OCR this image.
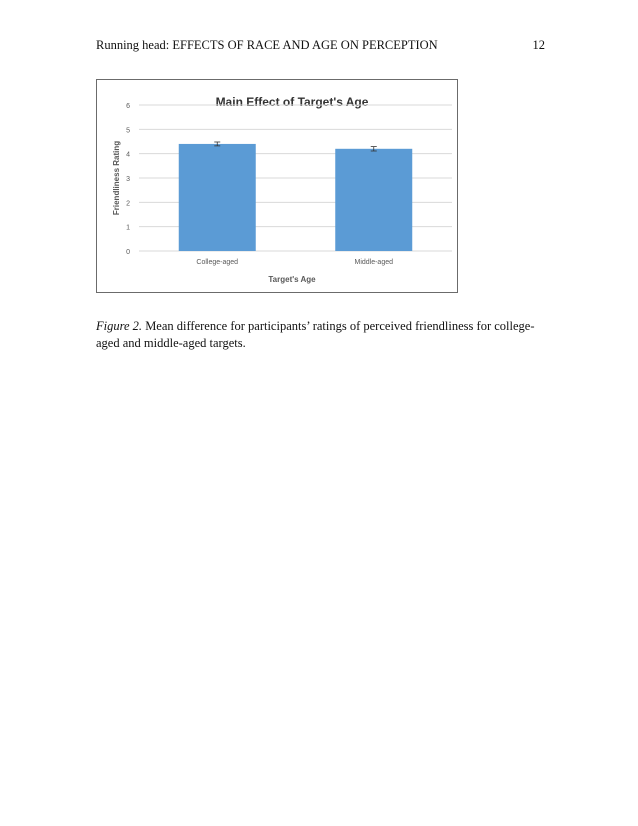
Running head: EFFECTS OF RACE AND AGE ON PERCEPTION	12
Main Effect of Target's Age
0
1
2
3
4
5
6
Friendliness Rating
College-aged	Middle-aged
Target's Age
Figure 2. Mean difference for participants’ ratings of perceived friendliness for college-aged and middle-aged targets.
